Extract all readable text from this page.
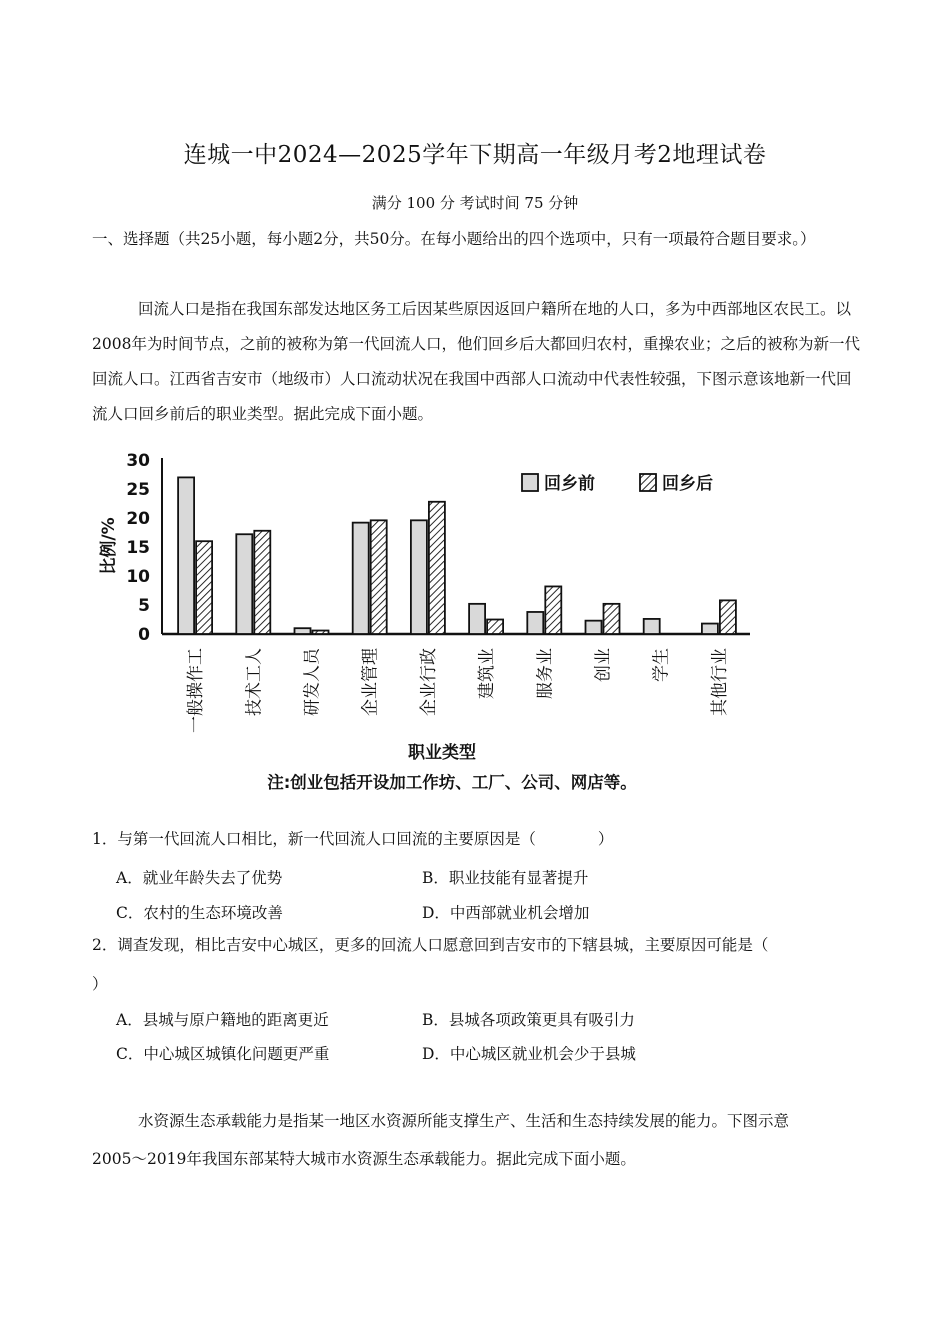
连城一中2024—2025学年下期高一年级月考2地理试卷
满分 100 分 考试时间 75 分钟
一、选择题（共25小题，每小题2分，共50分。在每小题给出的四个选项中，只有一项最符合题目要求。）
回流人口是指在我国东部发达地区务工后因某些原因返回户籍所在地的人口，多为中西部地区农民工。以2008年为时间节点，之前的被称为第一代回流人口，他们回乡后大都回归农村，重操农业；之后的被称为新一代回流人口。江西省吉安市（地级市）人口流动状况在我国中西部人口流动中代表性较强，下图示意该地新一代回流人口回乡前后的职业类型。据此完成下面小题。
0
5
10
15
20
25
30
比例/%
一般操作工 技术工人 研发人员 企业管理 企业行政 建筑业 服务业 创业 学生 其他行业
职业类型
注:创业包括开设加工作坊、工厂、公司、网店等。
回乡前	回乡后
1．与第一代回流人口相比，新一代回流人口回流的主要原因是（　　　　）
A．就业年龄失去了优势	B．职业技能有显著提升
C．农村的生态环境改善	D．中西部就业机会增加
2．调查发现，相比吉安中心城区，更多的回流人口愿意回到吉安市的下辖县城，主要原因可能是（
）
A．县城与原户籍地的距离更近	B．县城各项政策更具有吸引力
C．中心城区城镇化问题更严重	D．中心城区就业机会少于县城
水资源生态承载能力是指某一地区水资源所能支撑生产、生活和生态持续发展的能力。下图示意
2005～2019年我国东部某特大城市水资源生态承载能力。据此完成下面小题。
